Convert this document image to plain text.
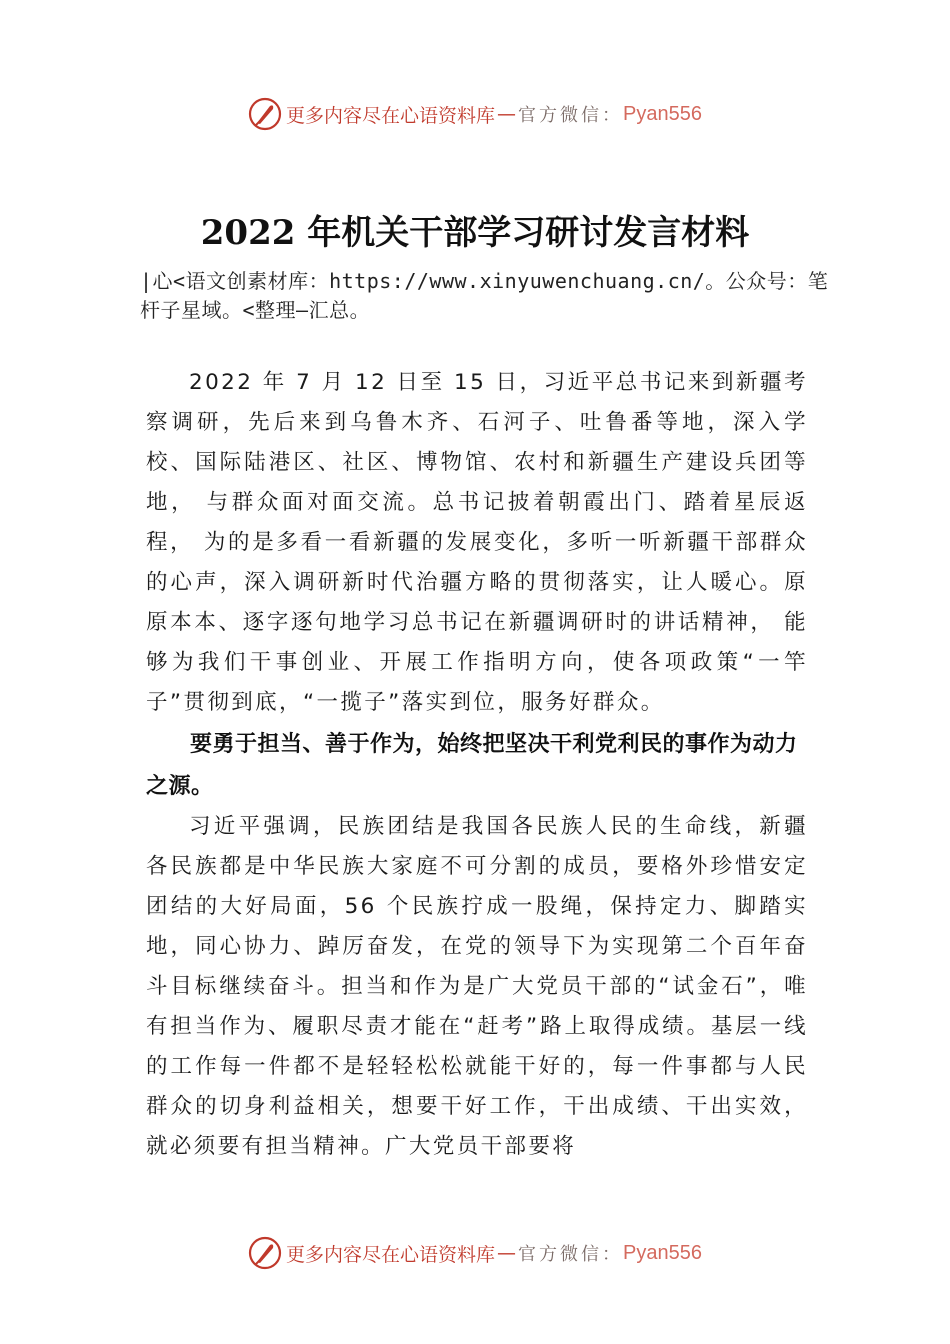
更多内容尽在心语资料库 — 官方微信： Pyan556
2022 年机关干部学习研讨发言材料
|心<语文创素材库：https://www.xinyuwenchuang.cn/。公众号：笔杆子星域。<整理—汇总。
2022 年 7 月 12 日至 15 日，习近平总书记来到新疆考察调研，先后来到乌鲁木齐、石河子、吐鲁番等地，深入学校、国际陆港区、社区、博物馆、农村和新疆生产建设兵团等地， 与群众面对面交流。总书记披着朝霞出门、踏着星辰返程， 为的是多看一看新疆的发展变化，多听一听新疆干部群众的心声，深入调研新时代治疆方略的贯彻落实，让人暖心。原原本本、逐字逐句地学习总书记在新疆调研时的讲话精神， 能够为我们干事创业、开展工作指明方向，使各项政策“一竿子”贯彻到底，“一揽子”落实到位，服务好群众。
要勇于担当、善于作为，始终把坚决干利党利民的事作为动力之源。
习近平强调，民族团结是我国各民族人民的生命线，新疆各民族都是中华民族大家庭不可分割的成员，要格外珍惜安定团结的大好局面，56 个民族拧成一股绳，保持定力、脚踏实地，同心协力、踔厉奋发，在党的领导下为实现第二个百年奋斗目标继续奋斗。担当和作为是广大党员干部的“试金石”，唯有担当作为、履职尽责才能在“赶考”路上取得成绩。基层一线的工作每一件都不是轻轻松松就能干好的，每一件事都与人民群众的切身利益相关，想要干好工作，干出成绩、干出实效，就必须要有担当精神。广大党员干部要将
更多内容尽在心语资料库 — 官方微信： Pyan556
